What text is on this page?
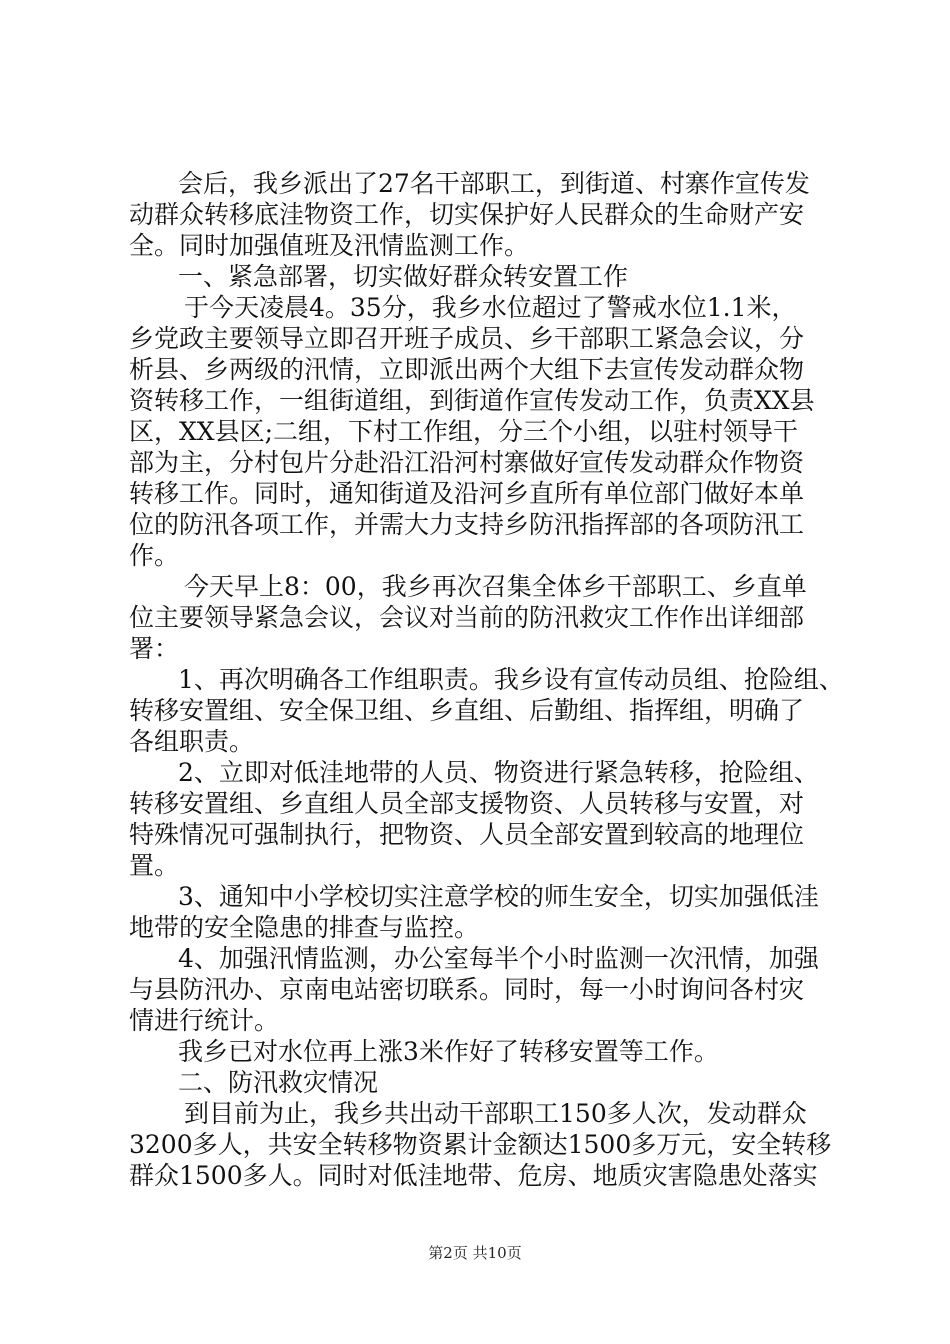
会后，我乡派出了27名干部职工，到街道、村寨作宣传发
动群众转移底洼物资工作，切实保护好人民群众的生命财产安
全。同时加强值班及汛情监测工作。
一、紧急部署，切实做好群众转安置工作
于今天凌晨4。35分，我乡水位超过了警戒水位1.1米，
乡党政主要领导立即召开班子成员、乡干部职工紧急会议，分
析县、乡两级的汛情，立即派出两个大组下去宣传发动群众物
资转移工作，一组街道组，到街道作宣传发动工作，负责XX县
区，XX县区;二组，下村工作组，分三个小组，以驻村领导干
部为主，分村包片分赴沿江沿河村寨做好宣传发动群众作物资
转移工作。同时，通知街道及沿河乡直所有单位部门做好本单
位的防汛各项工作，并需大力支持乡防汛指挥部的各项防汛工
作。
今天早上8：00，我乡再次召集全体乡干部职工、乡直单
位主要领导紧急会议，会议对当前的防汛救灾工作作出详细部
署：
1、再次明确各工作组职责。我乡设有宣传动员组、抢险组、
转移安置组、安全保卫组、乡直组、后勤组、指挥组，明确了
各组职责。
2、立即对低洼地带的人员、物资进行紧急转移，抢险组、
转移安置组、乡直组人员全部支援物资、人员转移与安置，对
特殊情况可强制执行，把物资、人员全部安置到较高的地理位
置。
3、通知中小学校切实注意学校的师生安全，切实加强低洼
地带的安全隐患的排查与监控。
4、加强汛情监测，办公室每半个小时监测一次汛情，加强
与县防汛办、京南电站密切联系。同时，每一小时询问各村灾
情进行统计。
我乡已对水位再上涨3米作好了转移安置等工作。
二、防汛救灾情况
到目前为止，我乡共出动干部职工150多人次，发动群众
3200多人，共安全转移物资累计金额达1500多万元，安全转移
群众1500多人。同时对低洼地带、危房、地质灾害隐患处落实
第2页 共10页
